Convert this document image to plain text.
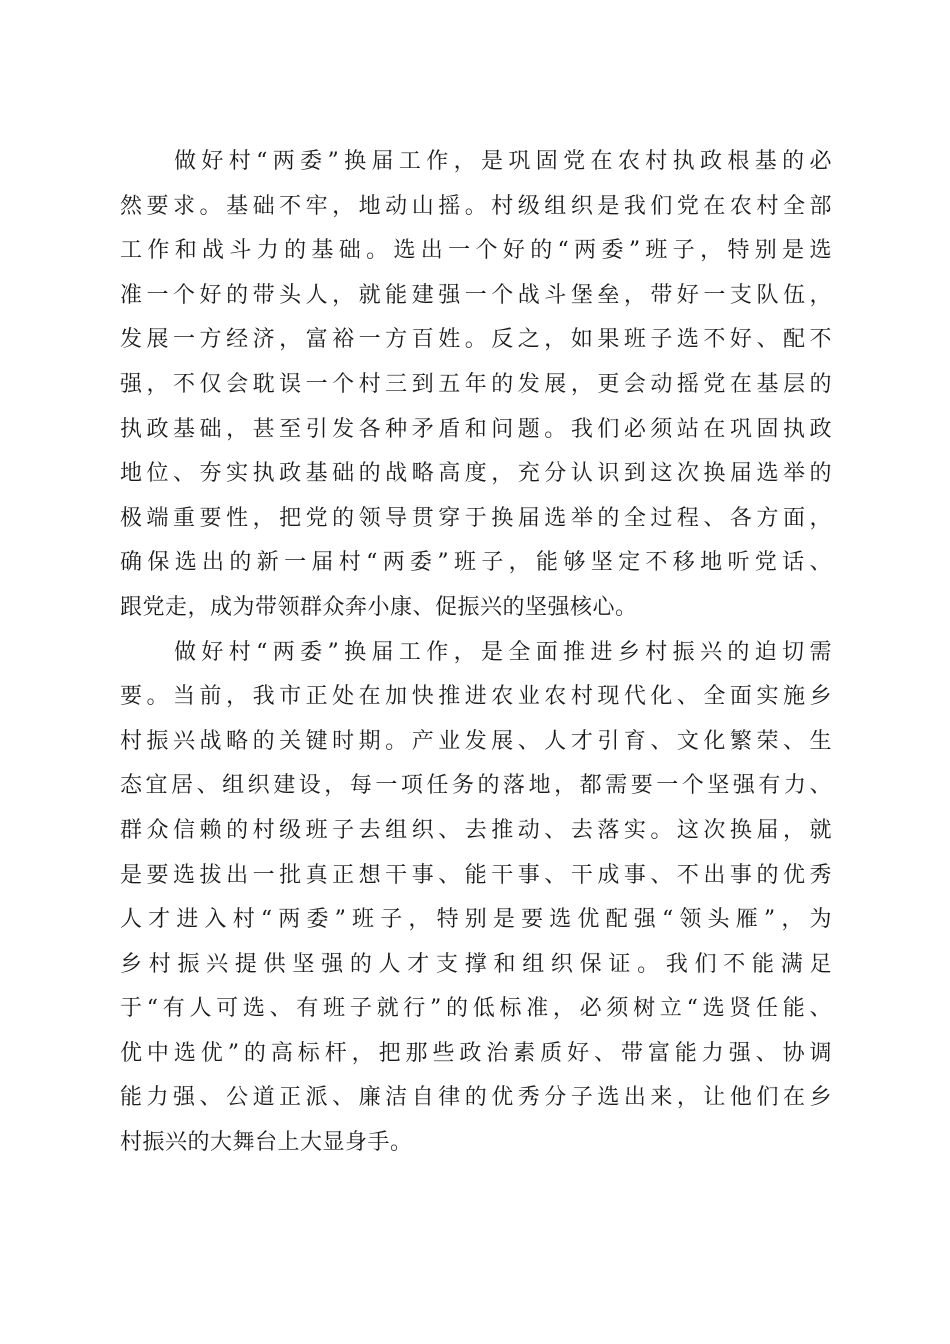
做好村“两委”换届工作，是巩固党在农村执政根基的必
然要求。基础不牢，地动山摇。村级组织是我们党在农村全部
工作和战斗力的基础。选出一个好的“两委”班子，特别是选
准一个好的带头人，就能建强一个战斗堡垒，带好一支队伍，
发展一方经济，富裕一方百姓。反之，如果班子选不好、配不
强，不仅会耽误一个村三到五年的发展，更会动摇党在基层的
执政基础，甚至引发各种矛盾和问题。我们必须站在巩固执政
地位、夯实执政基础的战略高度，充分认识到这次换届选举的
极端重要性，把党的领导贯穿于换届选举的全过程、各方面，
确保选出的新一届村“两委”班子，能够坚定不移地听党话、
跟党走，成为带领群众奔小康、促振兴的坚强核心。
做好村“两委”换届工作，是全面推进乡村振兴的迫切需
要。当前，我市正处在加快推进农业农村现代化、全面实施乡
村振兴战略的关键时期。产业发展、人才引育、文化繁荣、生
态宜居、组织建设，每一项任务的落地，都需要一个坚强有力、
群众信赖的村级班子去组织、去推动、去落实。这次换届，就
是要选拔出一批真正想干事、能干事、干成事、不出事的优秀
人才进入村“两委”班子，特别是要选优配强“领头雁”，为
乡村振兴提供坚强的人才支撑和组织保证。我们不能满足
于“有人可选、有班子就行”的低标准，必须树立“选贤任能、
优中选优”的高标杆，把那些政治素质好、带富能力强、协调
能力强、公道正派、廉洁自律的优秀分子选出来，让他们在乡
村振兴的大舞台上大显身手。
